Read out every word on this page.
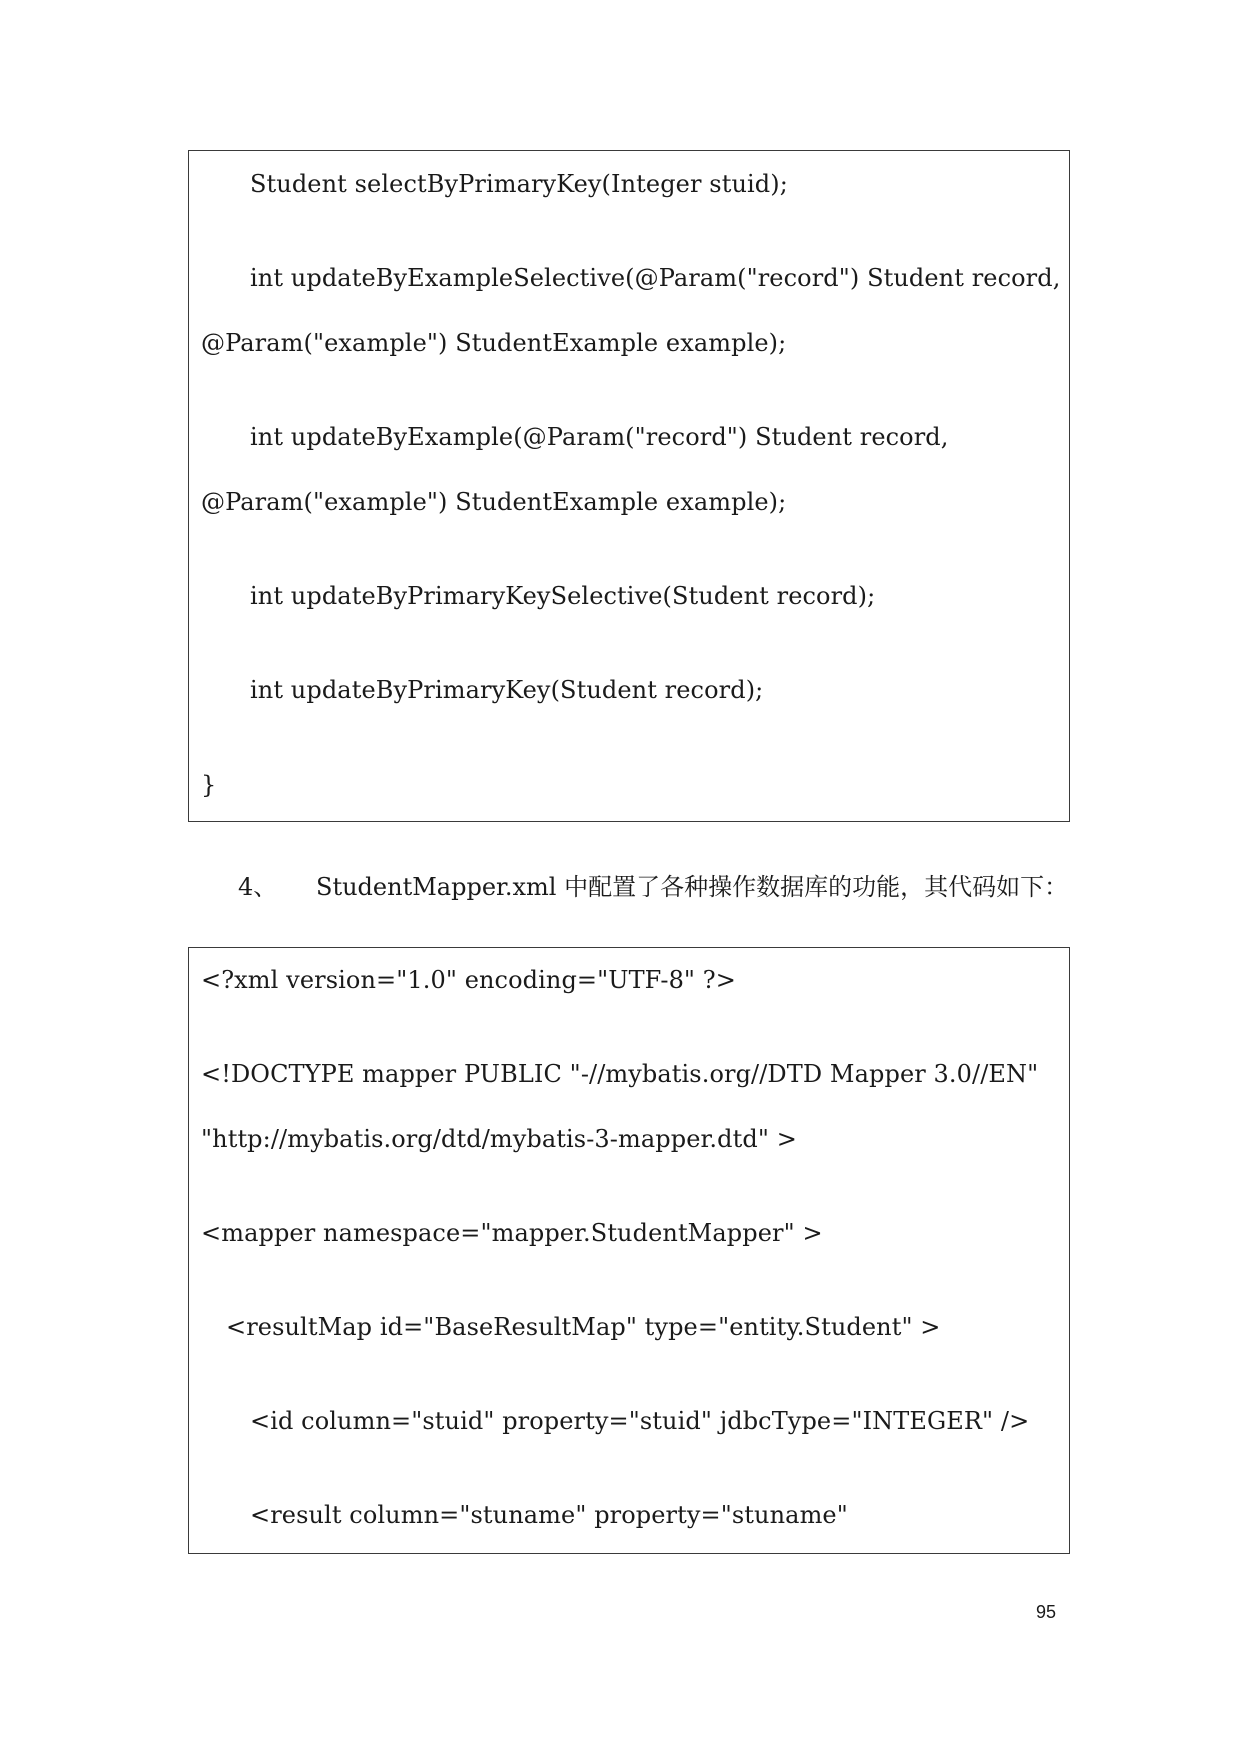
Student selectByPrimaryKey(Integer stuid);
int updateByExampleSelective(@Param("record") Student record,
@Param("example") StudentExample example);
int updateByExample(@Param("record") Student record,
@Param("example") StudentExample example);
int updateByPrimaryKeySelective(Student record);
int updateByPrimaryKey(Student record);
}
4、 StudentMapper.xml 中配置了各种操作数据库的功能，其代码如下：
<?xml version="1.0" encoding="UTF-8" ?>
<!DOCTYPE mapper PUBLIC "-//mybatis.org//DTD Mapper 3.0//EN"
"http://mybatis.org/dtd/mybatis-3-mapper.dtd" >
<mapper namespace="mapper.StudentMapper" >
<resultMap id="BaseResultMap" type="entity.Student" >
<id column="stuid" property="stuid" jdbcType="INTEGER" />
<result column="stuname" property="stuname"
95
